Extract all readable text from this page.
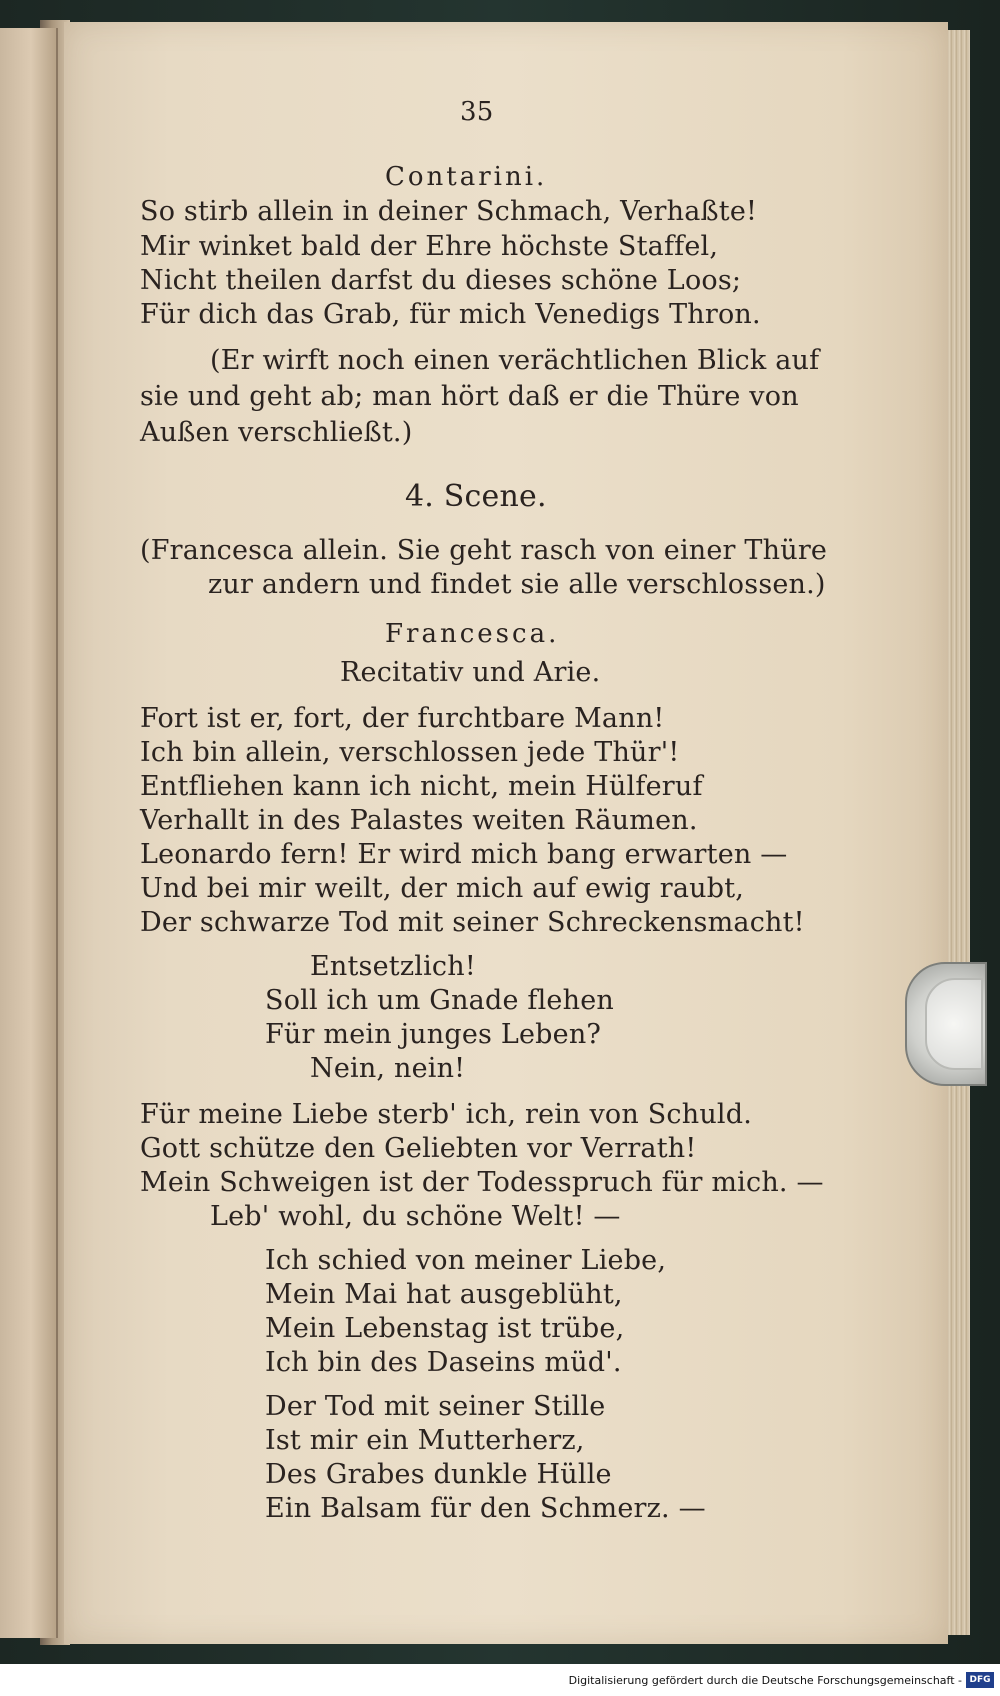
35
Contarini.
So stirb allein in deiner Schmach, Verhaßte!
Mir winket bald der Ehre höchste Staffel,
Nicht theilen darfst du dieses schöne Loos;
Für dich das Grab, für mich Venedigs Thron.
(Er wirft noch einen verächtlichen Blick auf
sie und geht ab; man hört daß er die Thüre von
Außen verschließt.)
4. Scene.
(Francesca allein. Sie geht rasch von einer Thüre
zur andern und findet sie alle verschlossen.)
Francesca.
Recitativ und Arie.
Fort ist er, fort, der furchtbare Mann!
Ich bin allein, verschlossen jede Thür'!
Entfliehen kann ich nicht, mein Hülferuf
Verhallt in des Palastes weiten Räumen.
Leonardo fern! Er wird mich bang erwarten —
Und bei mir weilt, der mich auf ewig raubt,
Der schwarze Tod mit seiner Schreckensmacht!
Entsetzlich!
Soll ich um Gnade flehen
Für mein junges Leben?
Nein, nein!
Für meine Liebe sterb' ich, rein von Schuld.
Gott schütze den Geliebten vor Verrath!
Mein Schweigen ist der Todesspruch für mich. —
Leb' wohl, du schöne Welt! —
Ich schied von meiner Liebe,
Mein Mai hat ausgeblüht,
Mein Lebenstag ist trübe,
Ich bin des Daseins müd'.
Der Tod mit seiner Stille
Ist mir ein Mutterherz,
Des Grabes dunkle Hülle
Ein Balsam für den Schmerz. —
Digitalisierung gefördert durch die Deutsche Forschungsgemeinschaft - DFG
